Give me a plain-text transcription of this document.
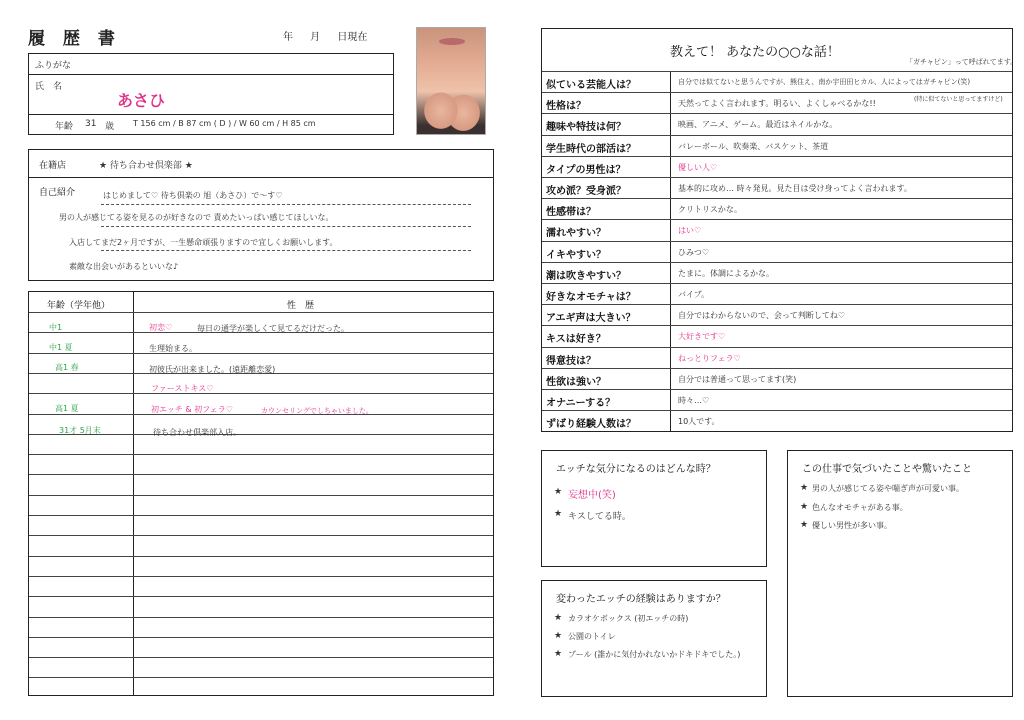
履 歴 書	年 月 日現在
ふりがな
氏　名
あさひ
年齢 31 歳 T 156 cm / B 87 cm ( D ) / W 60 cm / H 85 cm
在籍店	★ 待ち合わせ倶楽部 ★
自己紹介	はじめまして♡ 待ち倶楽の 旭（あさひ）で～す♡
男の人が感じてる姿を見るのが好きなので 責めたいっぱい感じてほしいな。
入店してまだ2ヶ月ですが、一生懸命頑張りますので宜しくお願いします。
素敵な出会いがあるといいな♪
年齢（学年他）	性　歴
中1	初恋♡	毎日の通学が楽しくて見てるだけだった。
中1 夏	生理始まる。
高1 春	初彼氏が出来ました。(遠距離恋愛)
ファーストキス♡
高1 夏	初エッチ & 初フェラ♡	カウンセリングでしちゃいました。
31才 5月末	待ち合わせ倶楽部入店。
教えて！ あなたの○○な話！
「ガチャピン」って呼ばれてます。
似ている芸能人は？	自分では似てないと思うんですが、熊住え、南か宇田田ヒカル、人によってはガチャピン(笑)
性格は？	天然ってよく言われます。明るい、よくしゃべるかな!!
趣味や特技は何？	映画、アニメ、ゲーム。最近はネイルかな。
学生時代の部活は？	バレーボール、吹奏楽、バスケット、茶道
タイプの男性は？	優しい人♡
攻め派？受身派？	基本的に攻め… 時々発見。見た目は受け身ってよく言われます。
性感帯は？	クリトリスかな。
濡れやすい？	はい♡
イキやすい？	ひみつ♡
潮は吹きやすい？	たまに。体調によるかな。
好きなオモチャは？	バイブ。
アエギ声は大きい？	自分ではわからないので、会って判断してね♡
キスは好き？	大好きです♡
得意技は？	ねっとりフェラ♡
性欲は強い？	自分では普通って思ってます(笑)
オナニーする？	時々…♡
ずばり経験人数は？	10人です。
(特に似てないと思ってますけど)
エッチな気分になるのはどんな時？
★ 妄想中(笑)
★ キスしてる時。
変わったエッチの経験はありますか？
★ カラオケボックス (初エッチの時)
★ 公園のトイレ
★ プール (誰かに気付かれないかドキドキでした。)
この仕事で気づいたことや驚いたこと
★ 男の人が感じてる姿や喘ぎ声が可愛い事。
★ 色んなオモチャがある事。
★ 優しい男性が多い事。
